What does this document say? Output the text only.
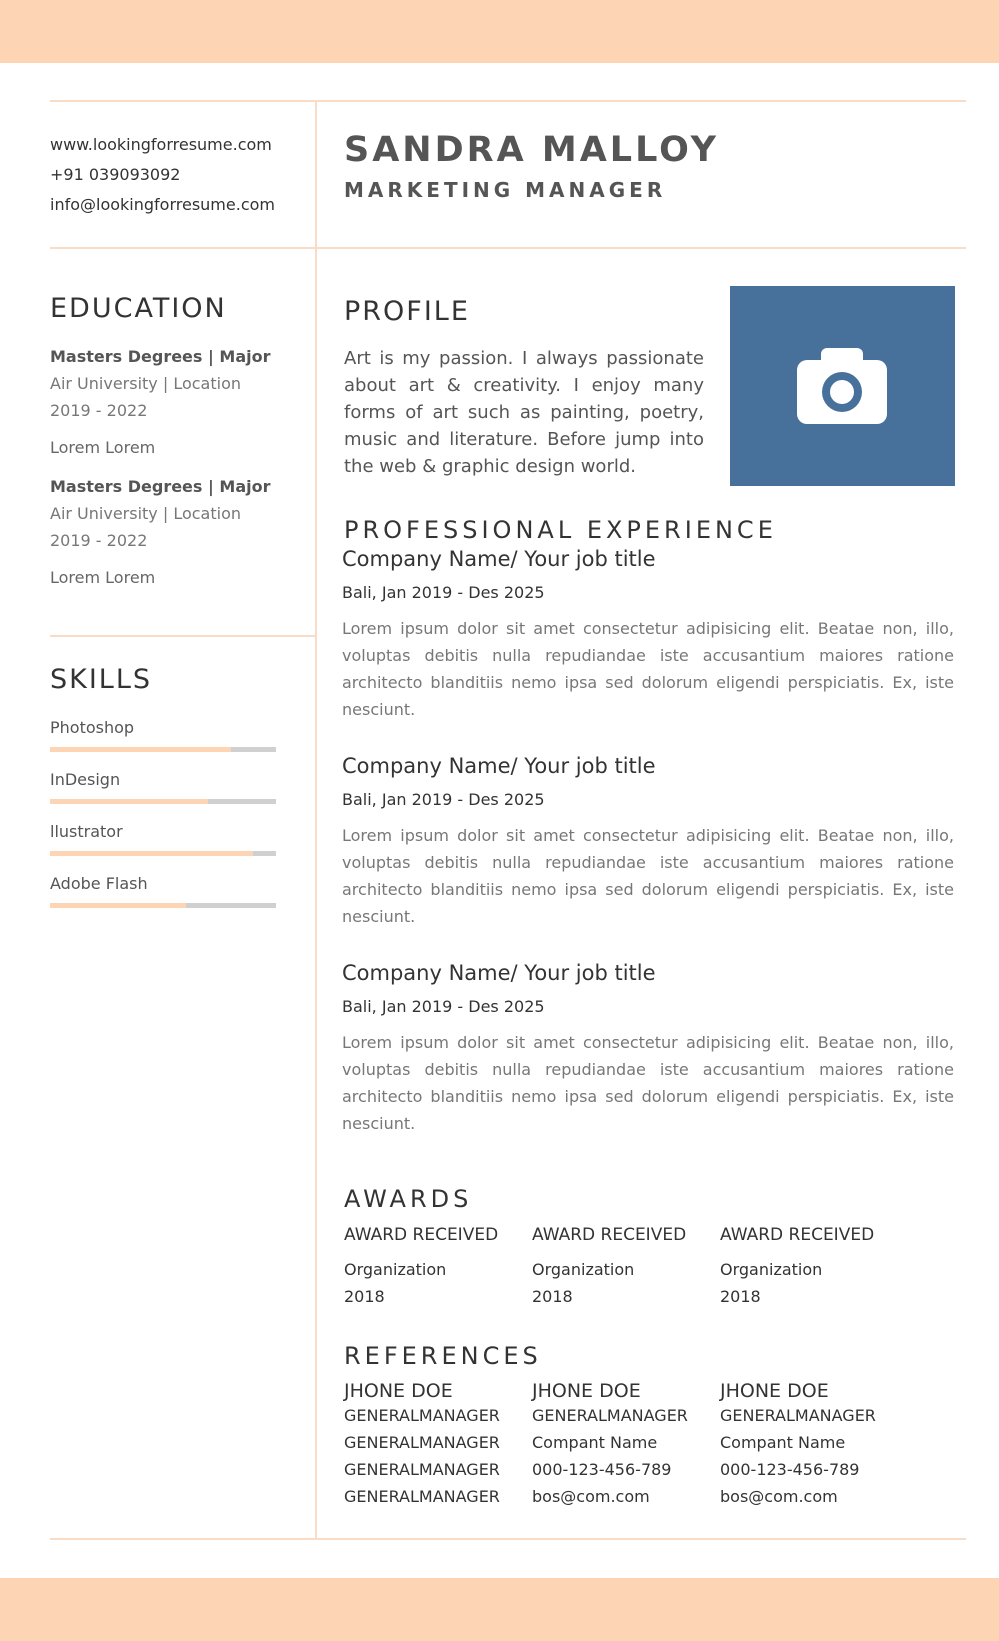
www.lookingforresume.com
+91 039093092
info@lookingforresume.com
SANDRA MALLOY
MARKETING MANAGER
EDUCATION
Masters Degrees | Major
Air University | Location
2019 - 2022
Lorem Lorem
Masters Degrees | Major
Air University | Location
2019 - 2022
Lorem Lorem
SKILLS
Photoshop
InDesign
llustrator
Adobe Flash
PROFILE
Art is my passion. I always passionate about art & creativity. I enjoy many forms of art such as painting, poetry, music and literature. Before jump into the web & graphic design world.
PROFESSIONAL EXPERIENCE
Company Name/ Your job title
Bali, Jan 2019 - Des 2025
Lorem ipsum dolor sit amet consectetur adipisicing elit. Beatae non, illo, voluptas debitis nulla repudiandae iste accusantium maiores ratione architecto blanditiis nemo ipsa sed dolorum eligendi perspiciatis. Ex, iste nesciunt.
Company Name/ Your job title
Bali, Jan 2019 - Des 2025
Lorem ipsum dolor sit amet consectetur adipisicing elit. Beatae non, illo, voluptas debitis nulla repudiandae iste accusantium maiores ratione architecto blanditiis nemo ipsa sed dolorum eligendi perspiciatis. Ex, iste nesciunt.
Company Name/ Your job title
Bali, Jan 2019 - Des 2025
Lorem ipsum dolor sit amet consectetur adipisicing elit. Beatae non, illo, voluptas debitis nulla repudiandae iste accusantium maiores ratione architecto blanditiis nemo ipsa sed dolorum eligendi perspiciatis. Ex, iste nesciunt.
AWARDS
AWARD RECEIVED
Organization
2018
AWARD RECEIVED
Organization
2018
AWARD RECEIVED
Organization
2018
REFERENCES
JHONE DOE
GENERALMANAGER
GENERALMANAGER
GENERALMANAGER
GENERALMANAGER
JHONE DOE
GENERALMANAGER
Compant Name
000-123-456-789
bos@com.com
JHONE DOE
GENERALMANAGER
Compant Name
000-123-456-789
bos@com.com
